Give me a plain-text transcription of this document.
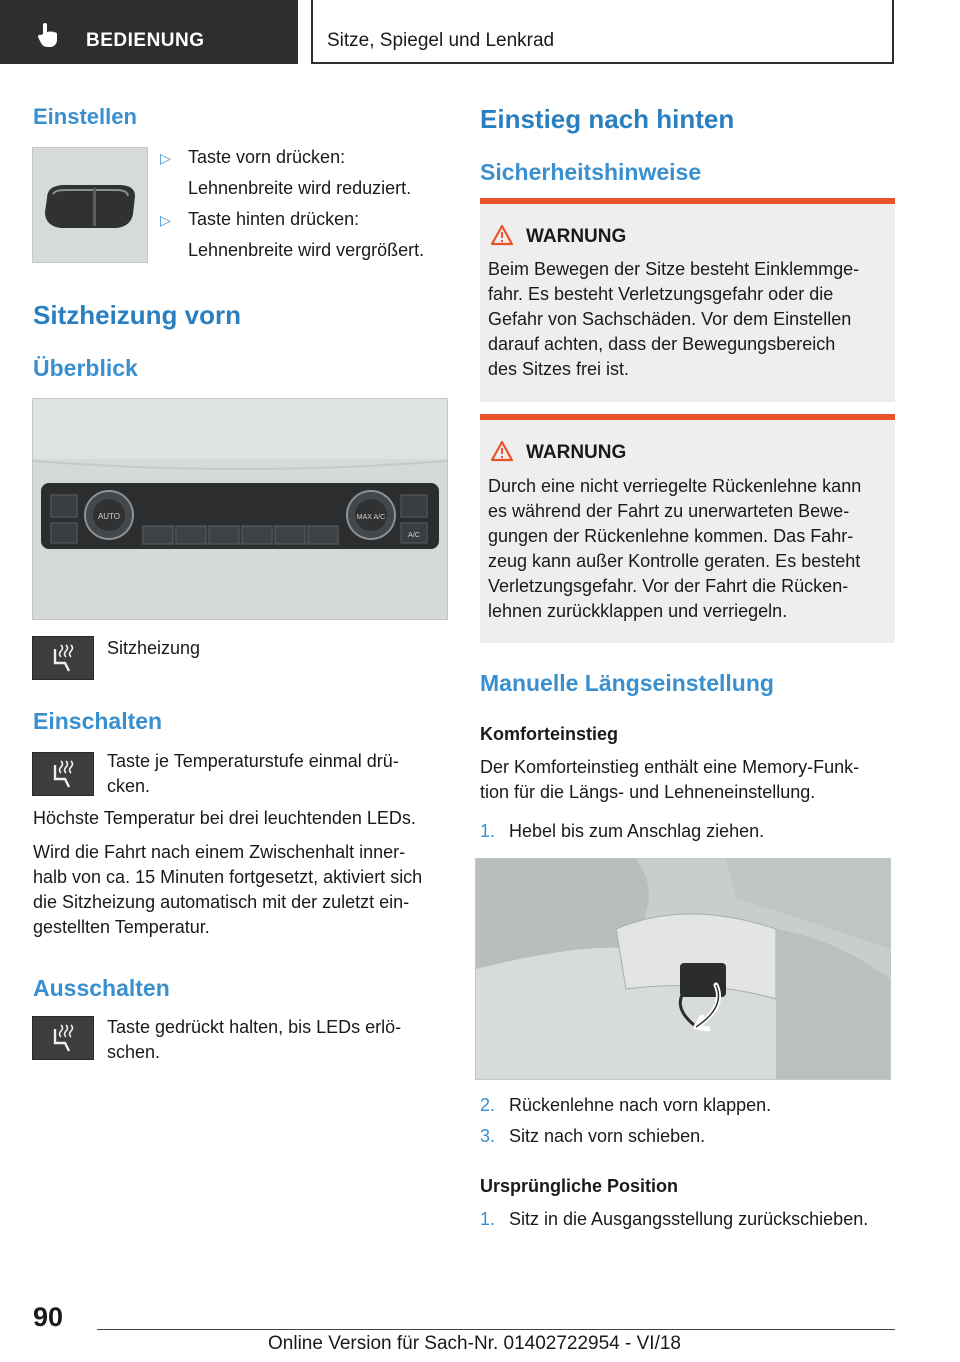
BEDIENUNG	Sitze, Spiegel und Lenkrad
Einstellen
▷ Taste vorn drücken:
Lehnenbreite wird reduziert.
▷ Taste hinten drücken:
Lehnenbreite wird vergrößert.
Sitzheizung vorn
Überblick
AUTO	MAX A/C
A/C
Sitzheizung
Einschalten
Taste je Temperaturstufe einmal drü-
cken.
Höchste Temperatur bei drei leuchtenden LEDs.
Wird die Fahrt nach einem Zwischenhalt inner-
halb von ca. 15 Minuten fortgesetzt, aktiviert sich
die Sitzheizung automatisch mit der zuletzt ein-
gestellten Temperatur.
Ausschalten
Taste gedrückt halten, bis LEDs erlö-
schen.
Einstieg nach hinten
Sicherheitshinweise
WARNUNG
Beim Bewegen der Sitze besteht Einklemmge-
fahr. Es besteht Verletzungsgefahr oder die
Gefahr von Sachschäden. Vor dem Einstellen
darauf achten, dass der Bewegungsbereich
des Sitzes frei ist.
WARNUNG
Durch eine nicht verriegelte Rückenlehne kann
es während der Fahrt zu unerwarteten Bewe-
gungen der Rückenlehne kommen. Das Fahr-
zeug kann außer Kontrolle geraten. Es besteht
Verletzungsgefahr. Vor der Fahrt die Rücken-
lehnen zurückklappen und verriegeln.
Manuelle Längseinstellung
Komforteinstieg
Der Komforteinstieg enthält eine Memory-Funk-
tion für die Längs- und Lehneneinstellung.
1. Hebel bis zum Anschlag ziehen.
2. Rückenlehne nach vorn klappen.
3. Sitz nach vorn schieben.
Ursprüngliche Position
1. Sitz in die Ausgangsstellung zurückschieben.
90
Online Version für Sach-Nr. 01402722954 - VI/18
